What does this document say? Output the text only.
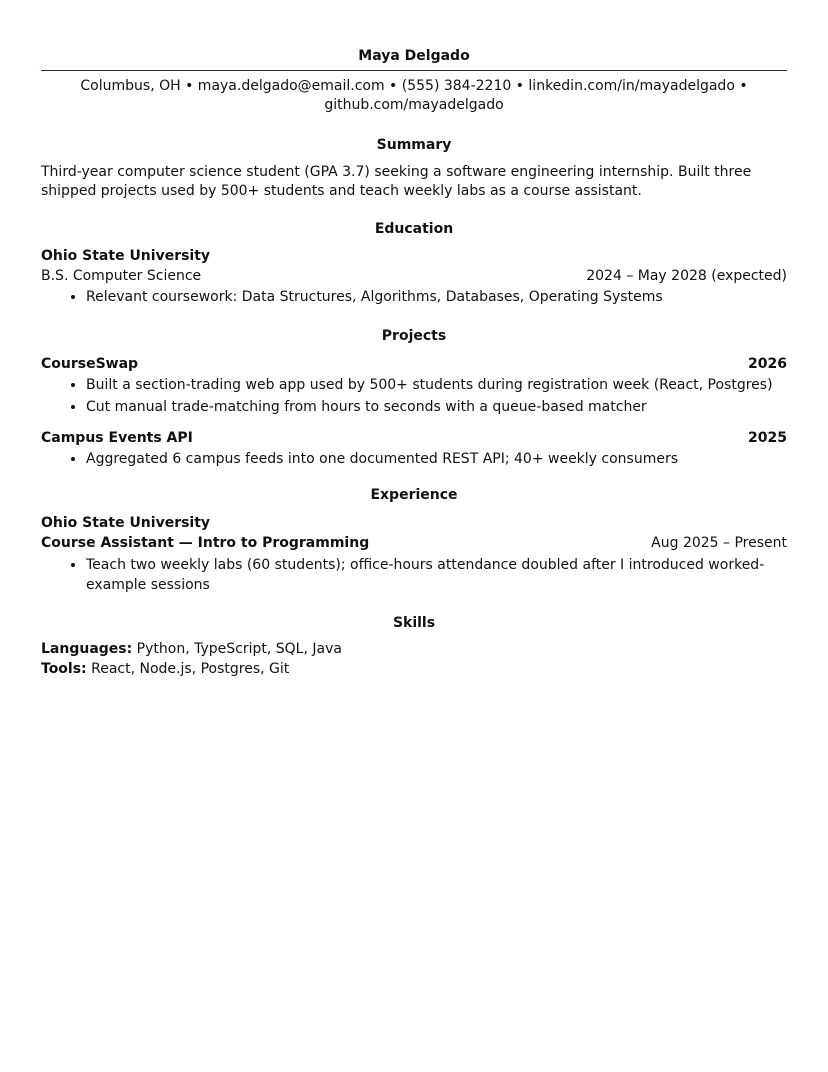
Maya Delgado

Columbus, OH • maya.delgado@email.com • (555) 384-2210 • linkedin.com/in/mayadelgado •

github.com/mayadelgado

Summary

Third-year computer science student (GPA 3.7) seeking a software engineering internship. Built three shipped projects used by 500+ students and teach weekly labs as a course assistant.

Education

Ohio State University
B.S. Computer Science	2024 – May 2028 (expected)
• Relevant coursework: Data Structures, Algorithms, Databases, Operating Systems

Projects

CourseSwap	2026
• Built a section-trading web app used by 500+ students during registration week (React, Postgres)
• Cut manual trade-matching from hours to seconds with a queue-based matcher
Campus Events API	2025
• Aggregated 6 campus feeds into one documented REST API; 40+ weekly consumers

Experience

Ohio State University
Course Assistant — Intro to Programming	Aug 2025 – Present
• Teach two weekly labs (60 students); office-hours attendance doubled after I introduced worked-example sessions

Skills

Languages: Python, TypeScript, SQL, Java

Tools: React, Node.js, Postgres, Git
